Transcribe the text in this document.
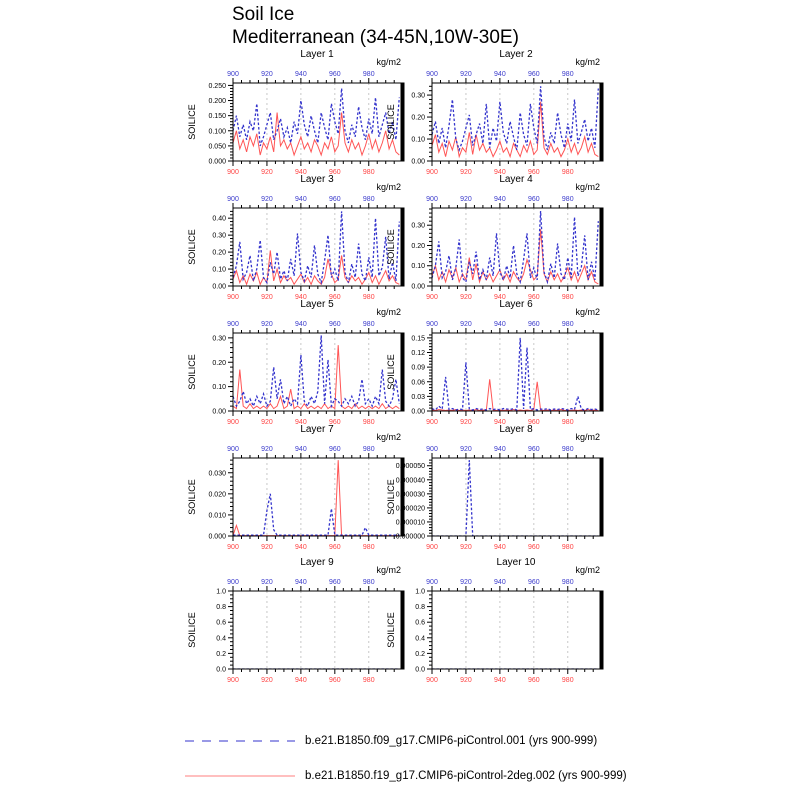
Soil Ice
Mediterranean (34-45N,10W-30E)
Layer 1
kg/m2
900
900
920
920
940
940
960
960
980
980
0.000
0.050
0.100
0.150
0.200
0.250
SOILICE
Layer 2
kg/m2
900
900
920
920
940
940
960
960
980
980
0.00
0.10
0.20
0.30
SOILICE
Layer 3
kg/m2
900
900
920
920
940
940
960
960
980
980
0.00
0.10
0.20
0.30
0.40
SOILICE
Layer 4
kg/m2
900
900
920
920
940
940
960
960
980
980
0.00
0.10
0.20
0.30
SOILICE
Layer 5
kg/m2
900
900
920
920
940
940
960
960
980
980
0.00
0.10
0.20
0.30
SOILICE
Layer 6
kg/m2
900
900
920
920
940
940
960
960
980
980
0.00
0.03
0.06
0.09
0.12
0.15
SOILICE
Layer 7
kg/m2
900
900
920
920
940
940
960
960
980
980
0.000
0.010
0.020
0.030
SOILICE
Layer 8
kg/m2
900
900
920
920
940
940
960
960
980
980
0.000000
0.000010
0.000020
0.000030
0.000040
0.000050
SOILICE
Layer 9
kg/m2
900
900
920
920
940
940
960
960
980
980
0.0
0.2
0.4
0.6
0.8
1.0
SOILICE
Layer 10
kg/m2
900
900
920
920
940
940
960
960
980
980
0.0
0.2
0.4
0.6
0.8
1.0
SOILICE
b.e21.B1850.f09_g17.CMIP6-piControl.001 (yrs 900-999)
b.e21.B1850.f19_g17.CMIP6-piControl-2deg.002 (yrs 900-999)
